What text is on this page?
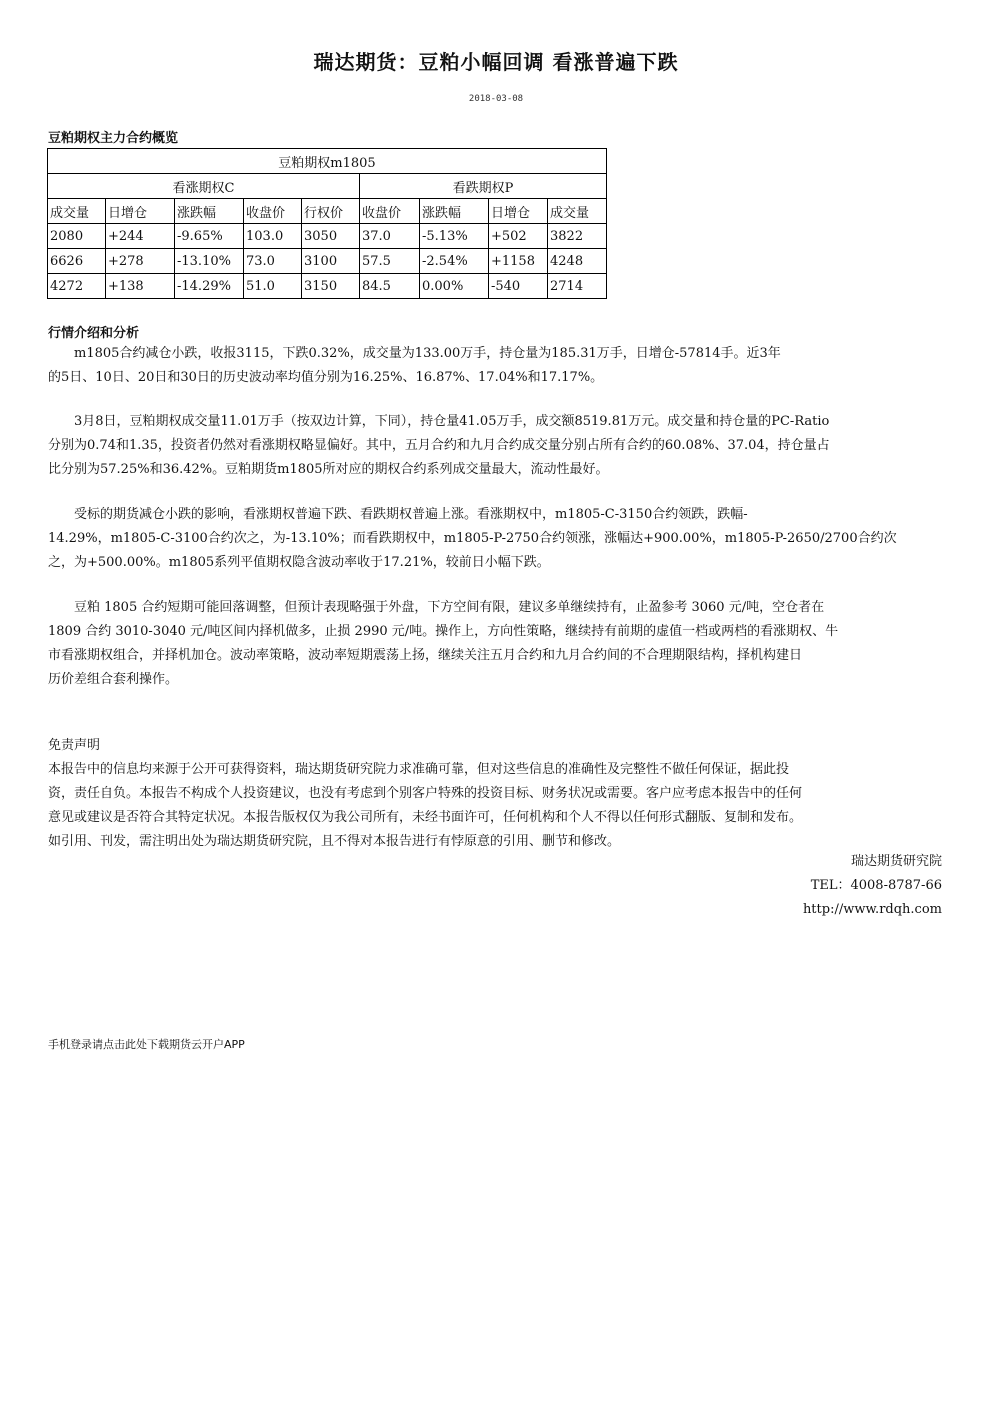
瑞达期货：豆粕小幅回调 看涨普遍下跌
2018-03-08
豆粕期权主力合约概览
豆粕期权m1805								
看涨期权C					看跌期权P			
成交量	日增仓	涨跌幅	收盘价	行权价	收盘价	涨跌幅	日增仓	成交量
2080	+244	-9.65%	103.0	3050	37.0	-5.13%	+502	3822
6626	+278	-13.10%	73.0	3100	57.5	-2.54%	+1158	4248
4272	+138	-14.29%	51.0	3150	84.5	0.00%	-540	2714
行情介绍和分析
m1805合约减仓小跌，收报3115，下跌0.32%，成交量为133.00万手，持仓量为185.31万手，日增仓-57814手。近3年
的5日、10日、20日和30日的历史波动率均值分别为16.25%、16.87%、17.04%和17.17%。
3月8日，豆粕期权成交量11.01万手（按双边计算，下同），持仓量41.05万手，成交额8519.81万元。成交量和持仓量的PC-Ratio
分别为0.74和1.35，投资者仍然对看涨期权略显偏好。其中，五月合约和九月合约成交量分别占所有合约的60.08%、37.04，持仓量占
比分别为57.25%和36.42%。豆粕期货m1805所对应的期权合约系列成交量最大，流动性最好。
受标的期货减仓小跌的影响，看涨期权普遍下跌、看跌期权普遍上涨。看涨期权中，m1805-C-3150合约领跌，跌幅-
14.29%，m1805-C-3100合约次之，为-13.10%；而看跌期权中，m1805-P-2750合约领涨，涨幅达+900.00%，m1805-P-2650/2700合约次
之，为+500.00%。m1805系列平值期权隐含波动率收于17.21%，较前日小幅下跌。
豆粕 1805 合约短期可能回落调整，但预计表现略强于外盘，下方空间有限，建议多单继续持有，止盈参考 3060 元/吨，空仓者在
1809 合约 3010-3040 元/吨区间内择机做多，止损 2990 元/吨。操作上，方向性策略，继续持有前期的虚值一档或两档的看涨期权、牛
市看涨期权组合，并择机加仓。波动率策略，波动率短期震荡上扬，继续关注五月合约和九月合约间的不合理期限结构，择机构建日
历价差组合套利操作。
免责声明
本报告中的信息均来源于公开可获得资料，瑞达期货研究院力求准确可靠，但对这些信息的准确性及完整性不做任何保证，据此投
资，责任自负。本报告不构成个人投资建议，也没有考虑到个别客户特殊的投资目标、财务状况或需要。客户应考虑本报告中的任何
意见或建议是否符合其特定状况。本报告版权仅为我公司所有，未经书面许可，任何机构和个人不得以任何形式翻版、复制和发布。
如引用、刊发，需注明出处为瑞达期货研究院，且不得对本报告进行有悖原意的引用、删节和修改。
瑞达期货研究院
TEL：4008-8787-66
http://www.rdqh.com
手机登录请点击此处下载期货云开户APP
